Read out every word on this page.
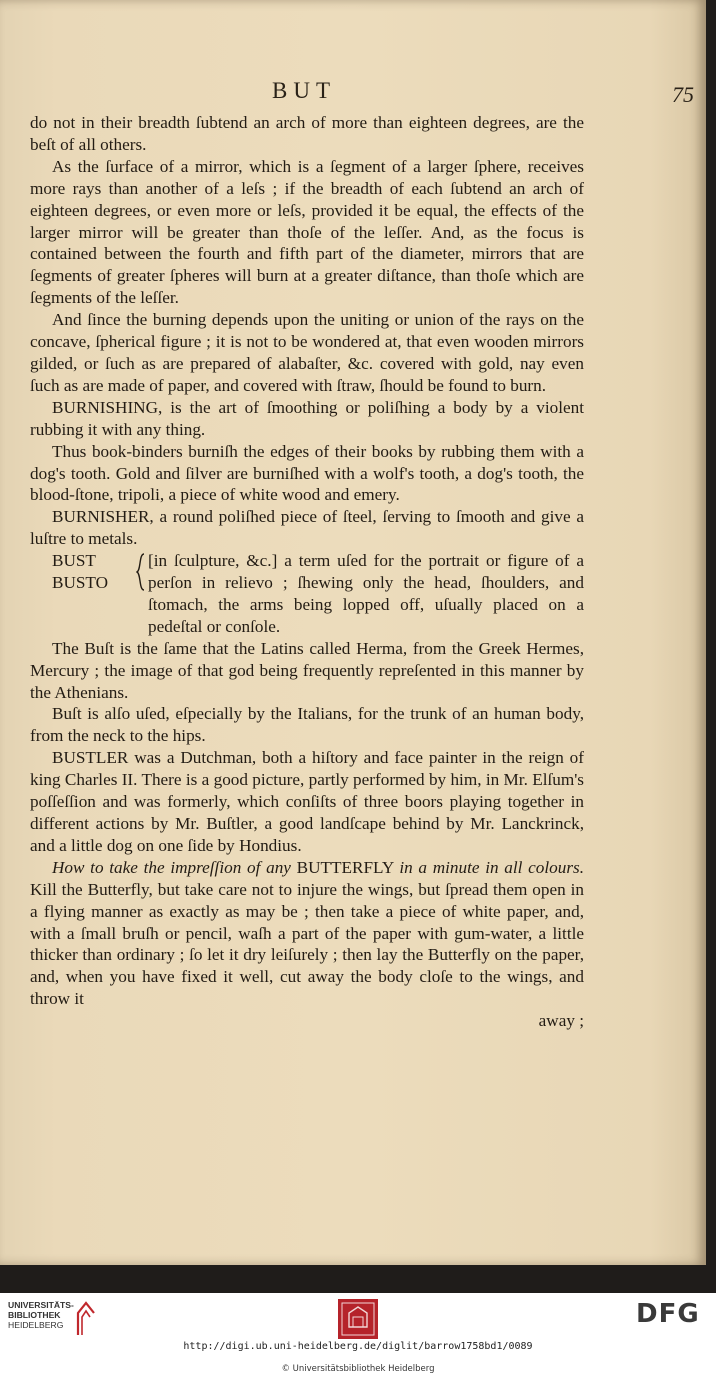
BUT	75

do not in their breadth ſubtend an arch of more than eighteen degrees, are the beſt of all others.

As the ſurface of a mirror, which is a ſegment of a larger ſphere, receives more rays than another of a leſs ; if the breadth of each ſubtend an arch of eighteen degrees, or even more or leſs, provided it be equal, the effects of the larger mirror will be greater than thoſe of the leſſer. And, as the focus is contained between the fourth and fifth part of the diameter, mirrors that are ſegments of greater ſpheres will burn at a greater diſtance, than thoſe which are ſegments of the leſſer.

And ſince the burning depends upon the uniting or union of the rays on the concave, ſpherical figure ; it is not to be wondered at, that even wooden mirrors gilded, or ſuch as are prepared of alabaſter, &c. covered with gold, nay even ſuch as are made of paper, and covered with ſtraw, ſhould be found to burn.

BURNISHING, is the art of ſmoothing or poliſhing a body by a violent rubbing it with any thing.

Thus book-binders burniſh the edges of their books by rubbing them with a dog's tooth. Gold and ſilver are burniſhed with a wolf's tooth, a dog's tooth, the blood-ſtone, tripoli, a piece of white wood and emery.

BURNISHER, a round poliſhed piece of ſteel, ſerving to ſmooth and give a luſtre to metals.

BUST
BUSTO
[in ſculpture, &c.] a term uſed for the portrait or figure of a perſon in relievo ; ſhewing only the head, ſhoulders, and ſtomach, the arms being lopped off, uſually placed on a pedeſtal or conſole.

The Buſt is the ſame that the Latins called Herma, from the Greek Hermes, Mercury ; the image of that god being frequently repreſented in this manner by the Athenians.

Buſt is alſo uſed, eſpecially by the Italians, for the trunk of an human body, from the neck to the hips.

BUSTLER was a Dutchman, both a hiſtory and face painter in the reign of king Charles II. There is a good picture, partly performed by him, in Mr. Elſum's poſſeſſion and was formerly, which conſiſts of three boors playing together in different actions by Mr. Buſtler, a good landſcape behind by Mr. Lanckrinck, and a little dog on one ſide by Hondius.

How to take the impreſſion of any BUTTERFLY in a minute in all colours. Kill the Butterfly, but take care not to injure the wings, but ſpread them open in a flying manner as exactly as may be ; then take a piece of white paper, and, with a ſmall bruſh or pencil, waſh a part of the paper with gum-water, a little thicker than ordinary ; ſo let it dry leiſurely ; then lay the Butterfly on the paper, and, when you have fixed it well, cut away the body cloſe to the wings, and throw it

away ;

UNIVERSITÄTS-
BIBLIOTHEK
HEIDELBERG	DFG
http://digi.ub.uni-heidelberg.de/diglit/barrow1758bd1/0089
© Universitätsbibliothek Heidelberg
